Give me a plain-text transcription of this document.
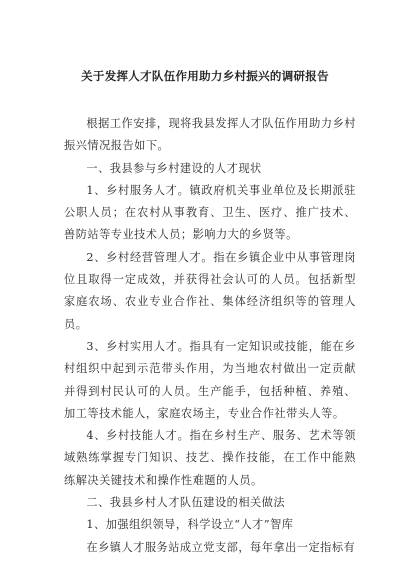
关于发挥人才队伍作用助力乡村振兴的调研报告

根据工作安排，现将我县发挥人才队伍作用助力乡村振兴情况报告如下。

一、我县参与乡村建设的人才现状

1、乡村服务人才。镇政府机关事业单位及长期派驻公职人员；在农村从事教育、卫生、医疗、推广技术、兽防站等专业技术人员；影响力大的乡贤等。

2、乡村经营管理人才。指在乡镇企业中从事管理岗位且取得一定成效，并获得社会认可的人员。包括新型家庭农场、农业专业合作社、集体经济组织等的管理人员。

3、乡村实用人才。指具有一定知识或技能，能在乡村组织中起到示范带头作用，为当地农村做出一定贡献并得到村民认可的人员。生产能手，包括种植、养殖、加工等技术能人，家庭农场主，专业合作社带头人等。

4、乡村技能人才。指在乡村生产、服务、艺术等领域熟练掌握专门知识、技艺、操作技能，在工作中能熟练解决关键技术和操作性难题的人员。

二、我县乡村人才队伍建设的相关做法

1、加强组织领导，科学设立“人才”智库

在乡镇人才服务站成立党支部，每年拿出一定指标有
